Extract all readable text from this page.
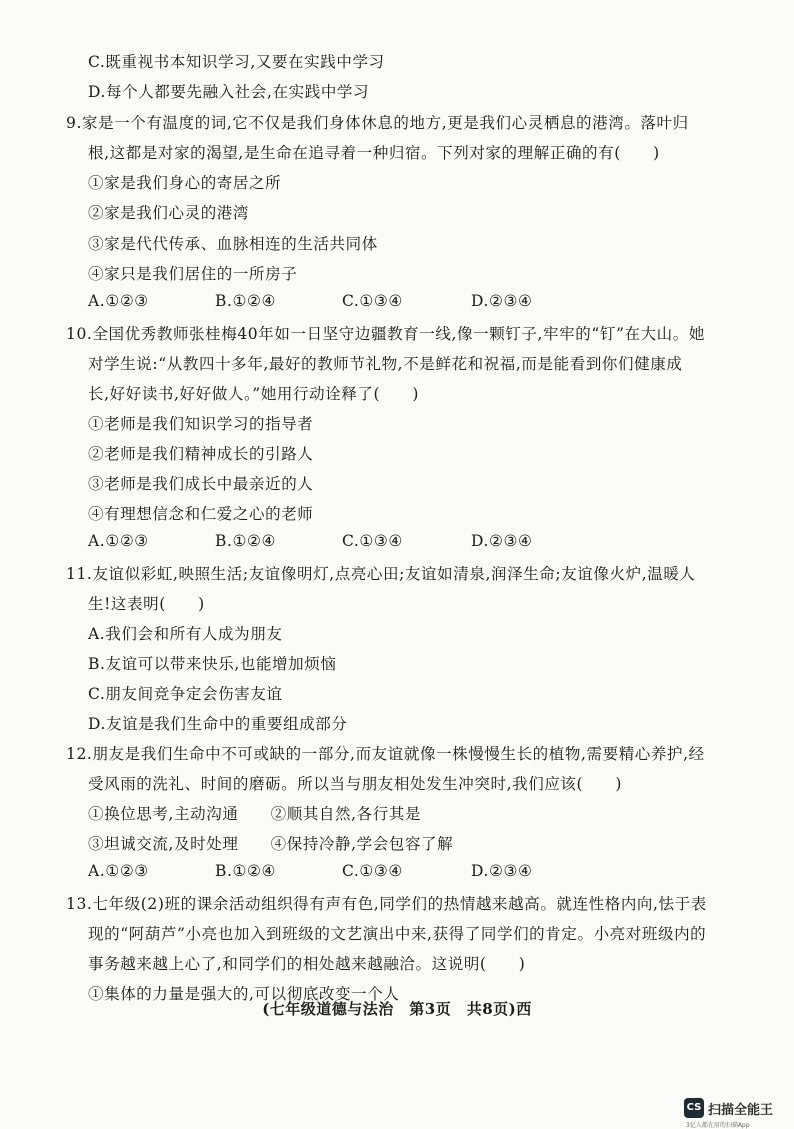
C.既重视书本知识学习,又要在实践中学习
D.每个人都要先融入社会,在实践中学习
9.家是一个有温度的词,它不仅是我们身体休息的地方,更是我们心灵栖息的港湾。落叶归
根,这都是对家的渴望,是生命在追寻着一种归宿。下列对家的理解正确的有(　　)
①家是我们身心的寄居之所
②家是我们心灵的港湾
③家是代代传承、血脉相连的生活共同体
④家只是我们居住的一所房子
A.①②③	B.①②④	C.①③④	D.②③④
10.全国优秀教师张桂梅40年如一日坚守边疆教育一线,像一颗钉子,牢牢的“钉”在大山。她
对学生说:“从教四十多年,最好的教师节礼物,不是鲜花和祝福,而是能看到你们健康成
长,好好读书,好好做人。”她用行动诠释了(　　)
①老师是我们知识学习的指导者
②老师是我们精神成长的引路人
③老师是我们成长中最亲近的人
④有理想信念和仁爱之心的老师
A.①②③	B.①②④	C.①③④	D.②③④
11.友谊似彩虹,映照生活;友谊像明灯,点亮心田;友谊如清泉,润泽生命;友谊像火炉,温暖人
生!这表明(　　)
A.我们会和所有人成为朋友
B.友谊可以带来快乐,也能增加烦恼
C.朋友间竞争定会伤害友谊
D.友谊是我们生命中的重要组成部分
12.朋友是我们生命中不可或缺的一部分,而友谊就像一株慢慢生长的植物,需要精心养护,经
受风雨的洗礼、时间的磨砺。所以当与朋友相处发生冲突时,我们应该(　　)
①换位思考,主动沟通　　②顺其自然,各行其是
③坦诚交流,及时处理　　④保持冷静,学会包容了解
A.①②③	B.①②④	C.①③④	D.②③④
13.七年级(2)班的课余活动组织得有声有色,同学们的热情越来越高。就连性格内向,怯于表
现的“阿葫芦”小亮也加入到班级的文艺演出中来,获得了同学们的肯定。小亮对班级内的
事务越来越上心了,和同学们的相处越来越融洽。这说明(　　)
①集体的力量是强大的,可以彻底改变一个人
(七年级道德与法治　第3页　共8页)西
CS 扫描全能王
3亿人都在用的扫描App
